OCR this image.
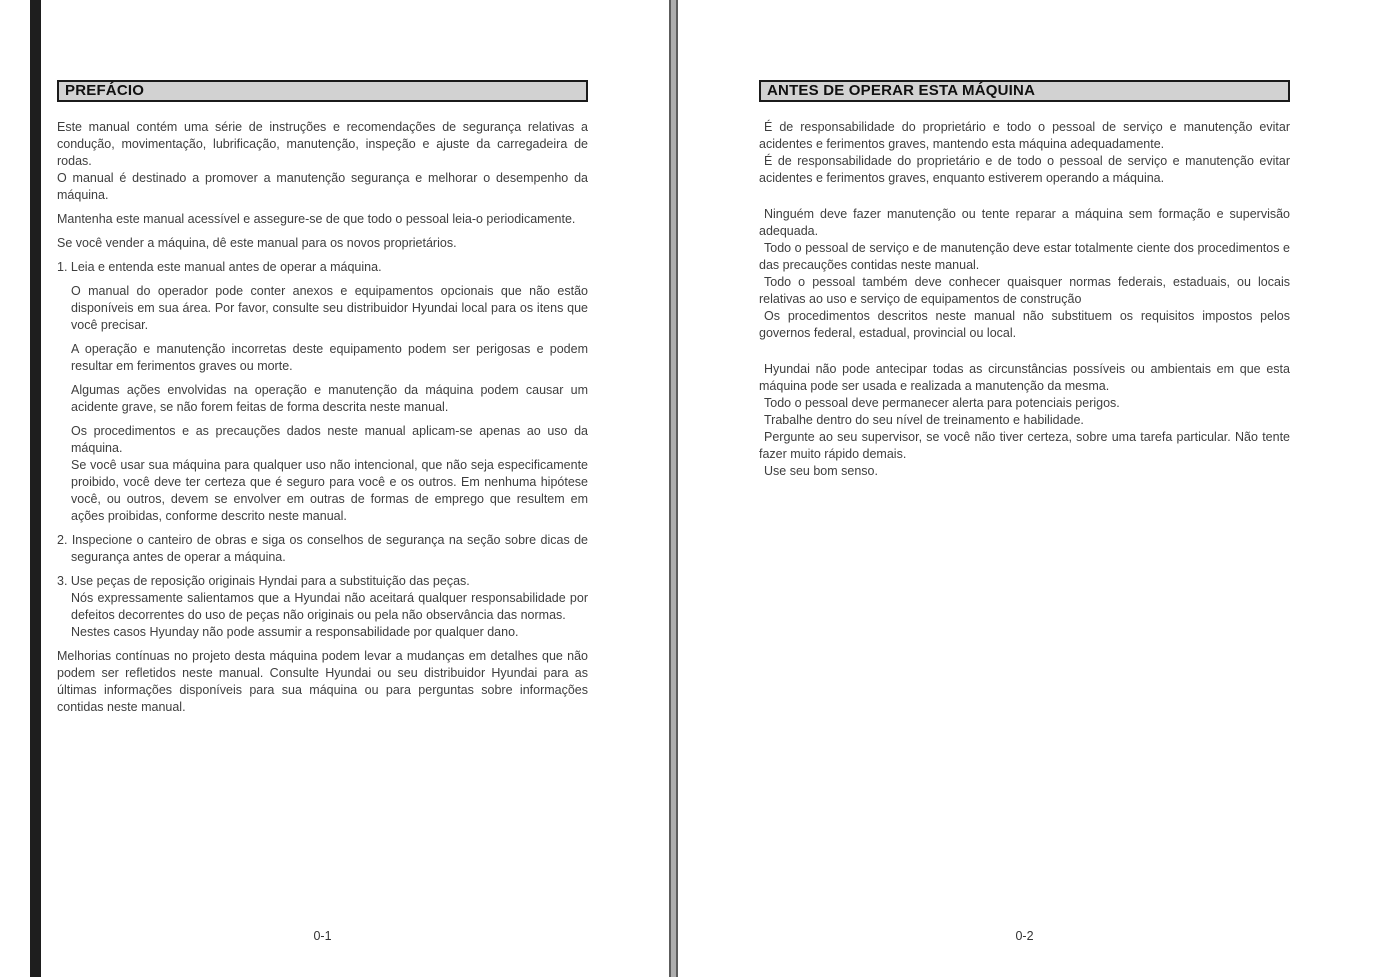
PREFÁCIO

Este manual contém uma série de instruções e recomendações de segurança relativas a condução, movimentação, lubrificação, manutenção, inspeção e ajuste da carregadeira de rodas.

O manual é destinado a promover a manutenção segurança e melhorar o desempenho da máquina.

Mantenha este manual acessível e assegure-se de que todo o pessoal leia-o periodicamente.

Se você vender a máquina, dê este manual para os novos proprietários.

1. Leia e entenda este manual antes de operar a máquina.

O manual do operador pode conter anexos e equipamentos opcionais que não estão disponíveis em sua área. Por favor, consulte seu distribuidor Hyundai local para os itens que você precisar.

A operação e manutenção incorretas deste equipamento podem ser perigosas e podem resultar em ferimentos graves ou morte.

Algumas ações envolvidas na operação e manutenção da máquina podem causar um acidente grave, se não forem feitas de forma descrita neste manual.

Os procedimentos e as precauções dados neste manual aplicam-se apenas ao uso da máquina.

Se você usar sua máquina para qualquer uso não intencional, que não seja especificamente proibido, você deve ter certeza que é seguro para você e os outros. Em nenhuma hipótese você, ou outros, devem se envolver em outras de formas de emprego que resultem em ações proibidas, conforme descrito neste manual.

2. Inspecione o canteiro de obras e siga os conselhos de segurança na seção sobre dicas de segurança antes de operar a máquina.

3. Use peças de reposição originais Hyndai para a substituição das peças.

Nós expressamente salientamos que a Hyundai não aceitará qualquer responsabilidade por defeitos decorrentes do uso de peças não originais ou pela não observância das normas.

Nestes casos Hyunday não pode assumir a responsabilidade por qualquer dano.

Melhorias contínuas no projeto desta máquina podem levar a mudanças em detalhes que não podem ser refletidos neste manual. Consulte Hyundai ou seu distribuidor Hyundai para as últimas informações disponíveis para sua máquina ou para perguntas sobre informações contidas neste manual.

ANTES DE OPERAR ESTA MÁQUINA

É de responsabilidade do proprietário e todo o pessoal de serviço e manutenção evitar acidentes e ferimentos graves, mantendo esta máquina adequadamente.

É de responsabilidade do proprietário e de todo o pessoal de serviço e manutenção evitar acidentes e ferimentos graves, enquanto estiverem operando a máquina.

Ninguém deve fazer manutenção ou tente reparar a máquina sem formação e supervisão adequada.

Todo o pessoal de serviço e de manutenção deve estar totalmente ciente dos procedimentos e das precauções contidas neste manual.

Todo o pessoal também deve conhecer quaisquer normas federais, estaduais, ou locais relativas ao uso e serviço de equipamentos de construção

Os procedimentos descritos neste manual não substituem os requisitos impostos pelos governos federal, estadual, provincial ou local.

Hyundai não pode antecipar todas as circunstâncias possíveis ou ambientais em que esta máquina pode ser usada e realizada a manutenção da mesma.

Todo o pessoal deve permanecer alerta para potenciais perigos.

Trabalhe dentro do seu nível de treinamento e habilidade.

Pergunte ao seu supervisor, se você não tiver certeza, sobre uma tarefa particular. Não tente fazer muito rápido demais.

Use seu bom senso.

0-1	0-2
